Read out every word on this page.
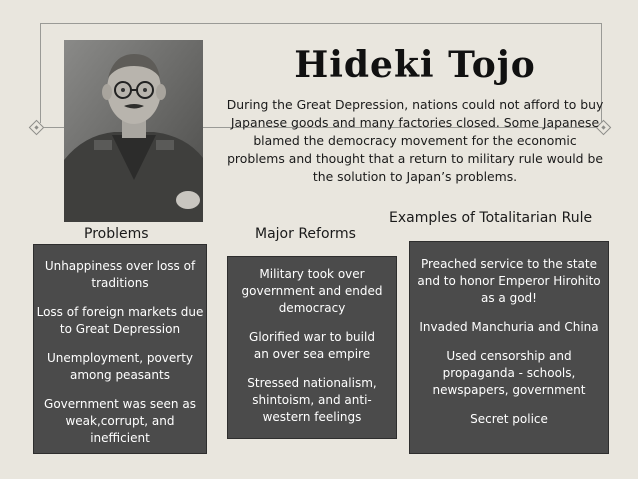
Hideki Tojo
During the Great Depression, nations could not afford to buy Japanese goods and many factories closed. Some Japanese blamed the democracy movement for the economic problems and thought that a return to military rule would be the solution to Japan’s problems.
Problems	Major Reforms
Examples of Totalitarian Rule

Unhappiness over loss of traditions

Loss of foreign markets due to Great Depression

Unemployment, poverty among peasants

Government was seen as weak,corrupt, and inefficient

Military took over government and ended democracy

Glorified war to build an over sea empire

Stressed nationalism, shintoism, and anti-western feelings

Preached service to the state and to honor Emperor Hirohito as a god!

Invaded Manchuria and China

Used censorship and propaganda - schools, newspapers, government

Secret police
